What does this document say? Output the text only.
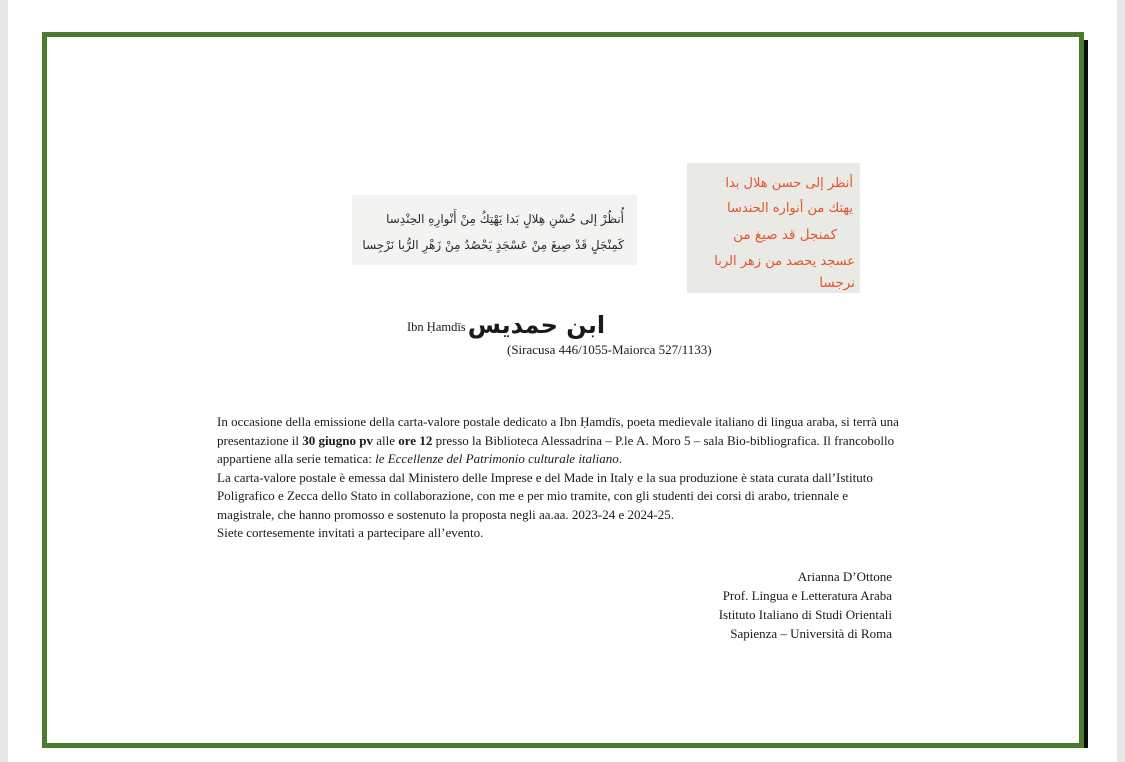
أُنظُرْ إلى حُسْنِ هِلالٍ بَدا يَهْتِكُ مِنْ أَنْوارِهِ الحِنْدِسا
كَمِنْجَلٍ قَدْ صِيغَ مِنْ عَسْجَدٍ يَحْصُدُ مِنْ زَهْرِ الرُّبا نَرْجِسا
أنظر إلى حسن هلال بدا
يهتك من أنواره الحندسا
كمنجل قد صيغ من
عسجد يحصد من زهر الربا
نرجسا
Ibn Ḥamdīs ابن حمديس
(Siracusa 446/1055-Maiorca 527/1133)

In occasione della emissione della carta-valore postale dedicato a Ibn Ḥamdīs, poeta medievale italiano di lingua araba, si terrà una presentazione il 30 giugno pv alle ore 12 presso la Biblioteca Alessadrina – P.le A. Moro 5 – sala Bio-bibliografica. Il francobollo appartiene alla serie tematica: le Eccellenze del Patrimonio culturale italiano.

La carta-valore postale è emessa dal Ministero delle Imprese e del Made in Italy e la sua produzione è stata curata dall’Istituto Poligrafico e Zecca dello Stato in collaborazione, con me e per mio tramite, con gli studenti dei corsi di arabo, triennale e magistrale, che hanno promosso e sostenuto la proposta negli aa.aa. 2023-24 e 2024-25.

Siete cortesemente invitati a partecipare all’evento.

Arianna D’Ottone
Prof. Lingua e Letteratura Araba
Istituto Italiano di Studi Orientali
Sapienza – Università di Roma
